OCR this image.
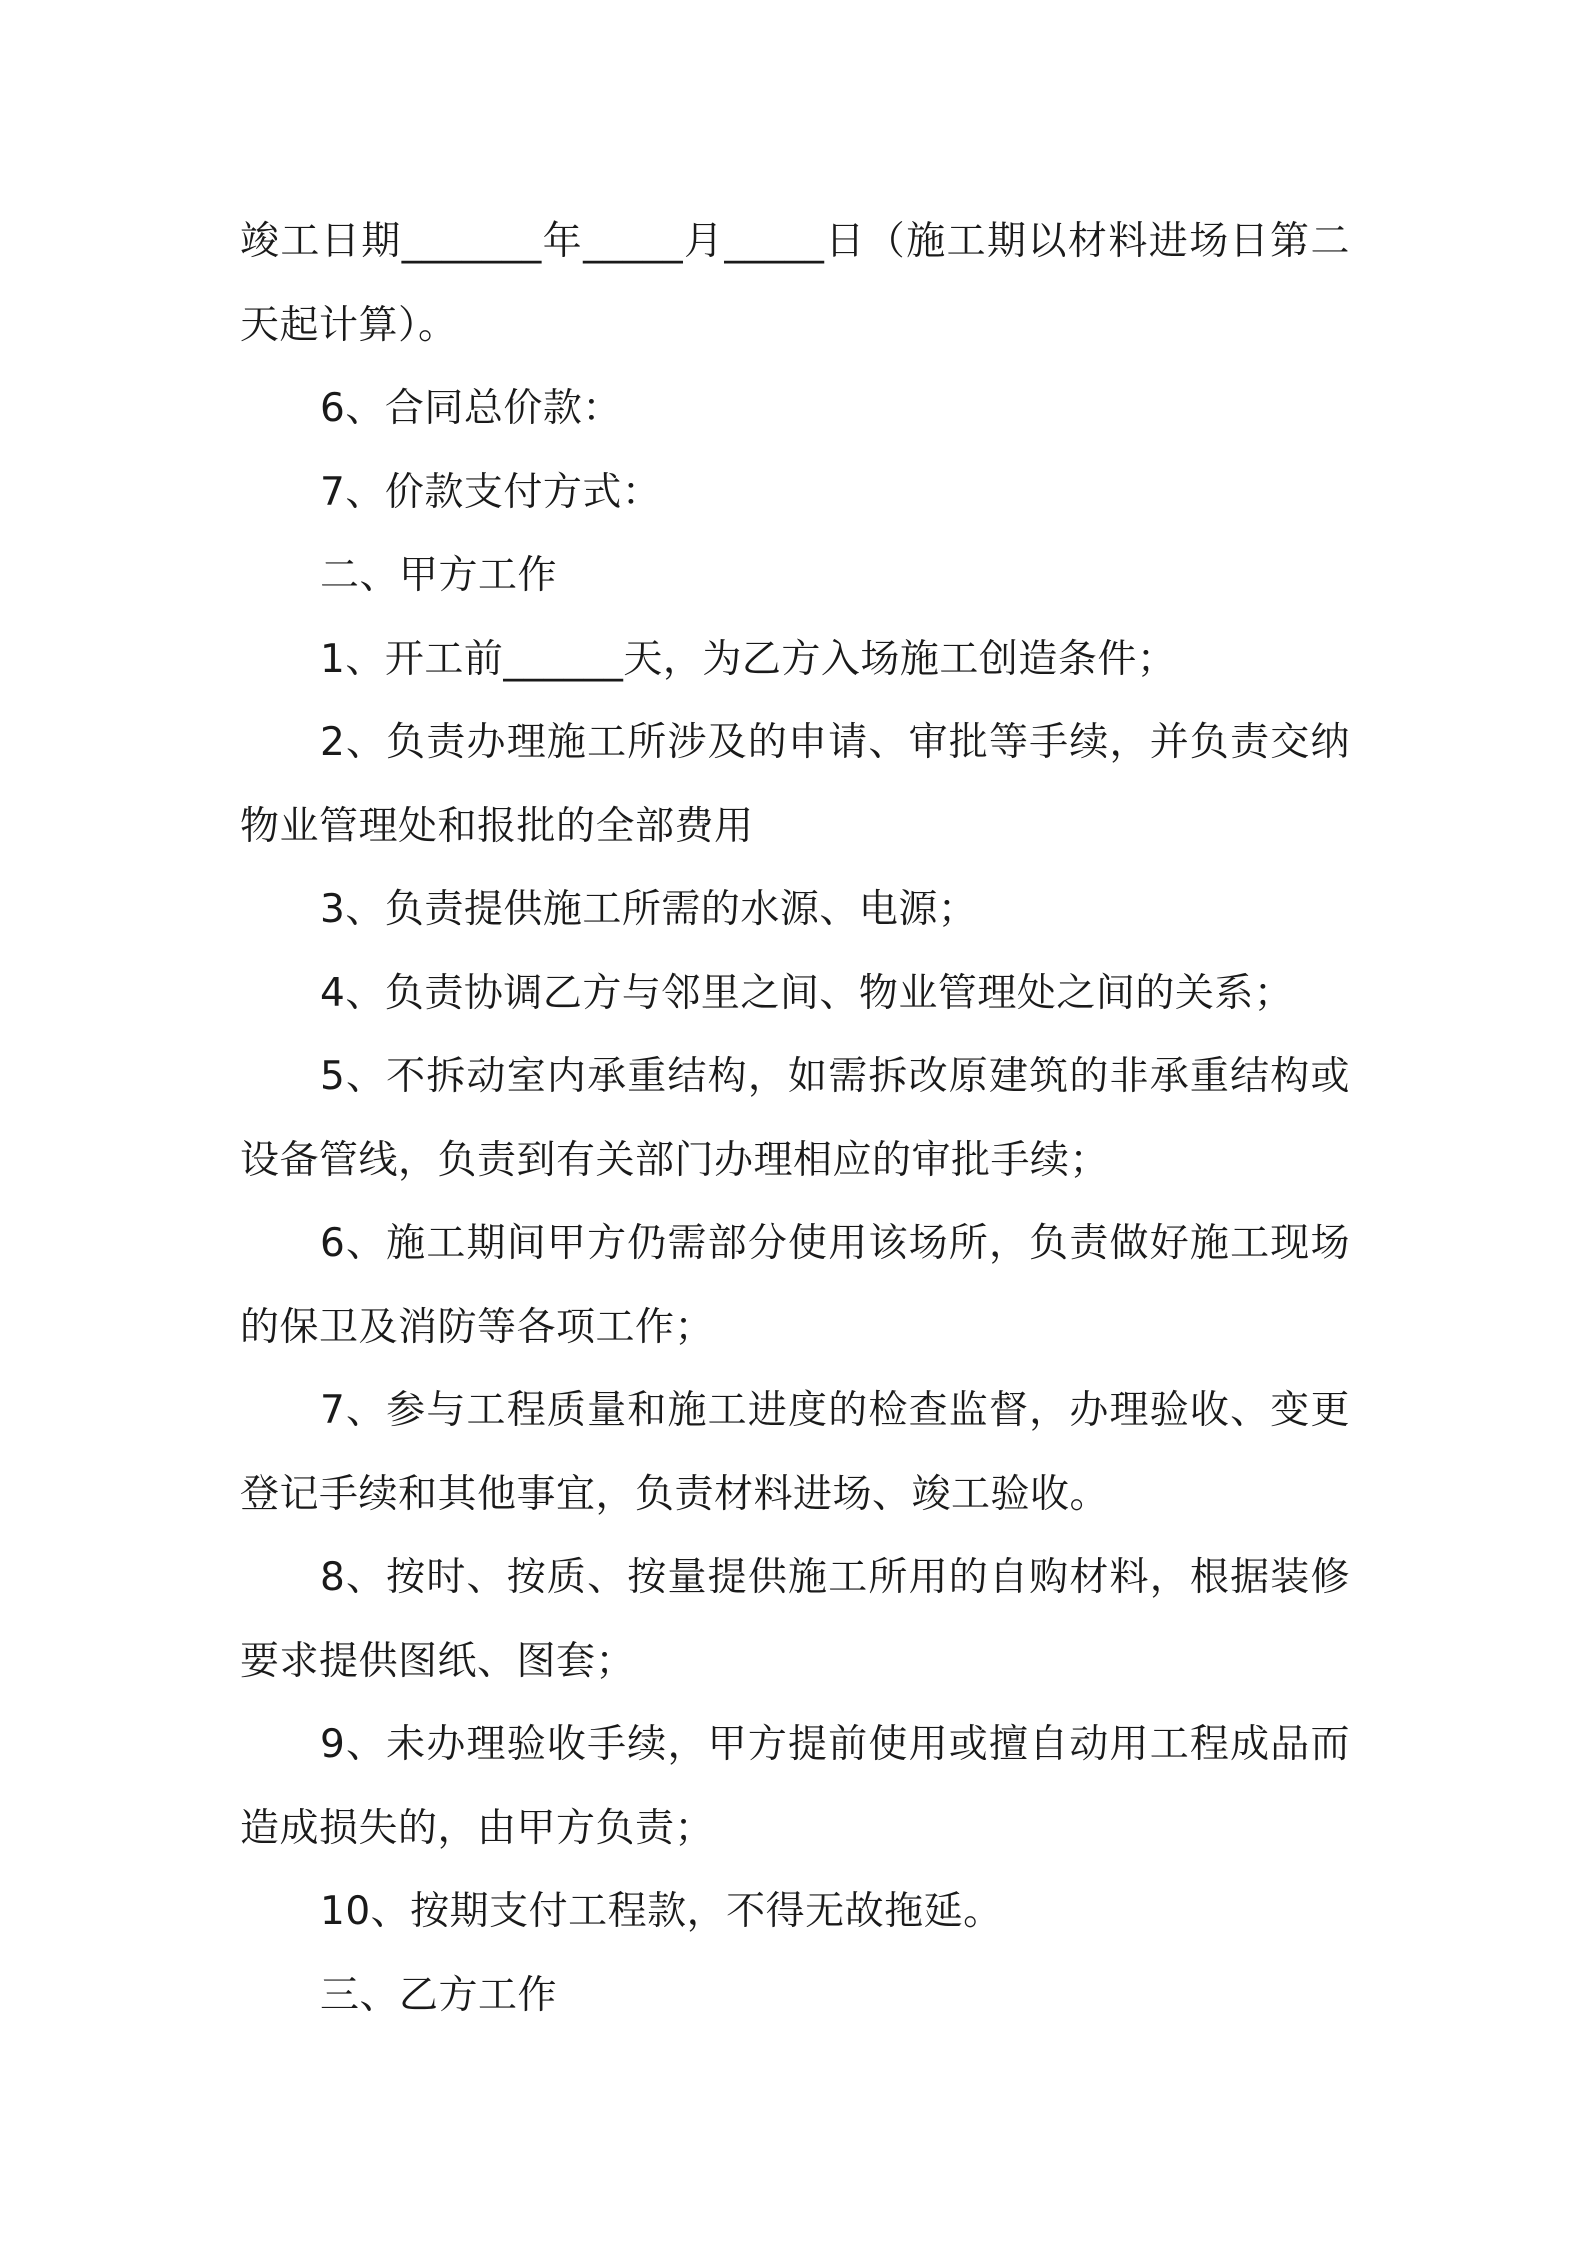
竣工日期_______年_____月_____日（施工期以材料进场日第二天起计算）。

6、合同总价款：

7、价款支付方式：

二、甲方工作

1、开工前______天，为乙方入场施工创造条件；

2、负责办理施工所涉及的申请、审批等手续，并负责交纳物业管理处和报批的全部费用

3、负责提供施工所需的水源、电源；

4、负责协调乙方与邻里之间、物业管理处之间的关系；

5、不拆动室内承重结构，如需拆改原建筑的非承重结构或设备管线，负责到有关部门办理相应的审批手续；

6、施工期间甲方仍需部分使用该场所，负责做好施工现场的保卫及消防等各项工作；

7、参与工程质量和施工进度的检查监督，办理验收、变更登记手续和其他事宜，负责材料进场、竣工验收。

8、按时、按质、按量提供施工所用的自购材料，根据装修要求提供图纸、图套；

9、未办理验收手续，甲方提前使用或擅自动用工程成品而造成损失的，由甲方负责；

10、按期支付工程款，不得无故拖延。

三、乙方工作
